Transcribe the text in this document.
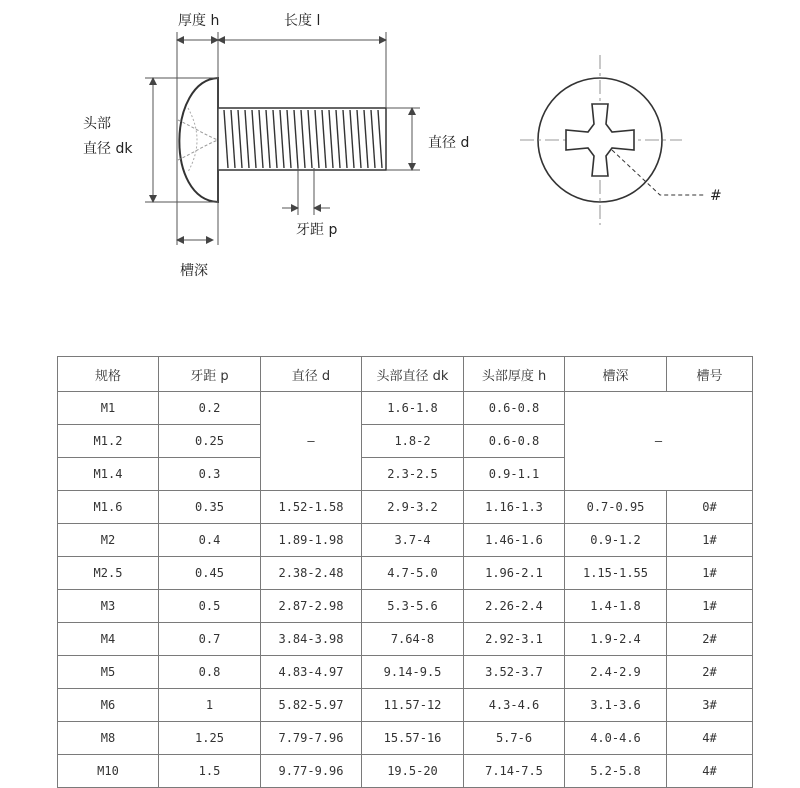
厚度 h	长度 l
头部
直径 dk	直径 d
牙距 p
槽深
#
规格	牙距 p	直径 d	头部直径 dk	头部厚度 h	槽深	槽号
M1	0.2	–	1.6-1.8	0.6-0.8	–	
M1.2	0.25		1.8-2	0.6-0.8		
M1.4	0.3		2.3-2.5	0.9-1.1		
M1.6	0.35	1.52-1.58	2.9-3.2	1.16-1.3	0.7-0.95	0#
M2	0.4	1.89-1.98	3.7-4	1.46-1.6	0.9-1.2	1#
M2.5	0.45	2.38-2.48	4.7-5.0	1.96-2.1	1.15-1.55	1#
M3	0.5	2.87-2.98	5.3-5.6	2.26-2.4	1.4-1.8	1#
M4	0.7	3.84-3.98	7.64-8	2.92-3.1	1.9-2.4	2#
M5	0.8	4.83-4.97	9.14-9.5	3.52-3.7	2.4-2.9	2#
M6	1	5.82-5.97	11.57-12	4.3-4.6	3.1-3.6	3#
M8	1.25	7.79-7.96	15.57-16	5.7-6	4.0-4.6	4#
M10	1.5	9.77-9.96	19.5-20	7.14-7.5	5.2-5.8	4#
